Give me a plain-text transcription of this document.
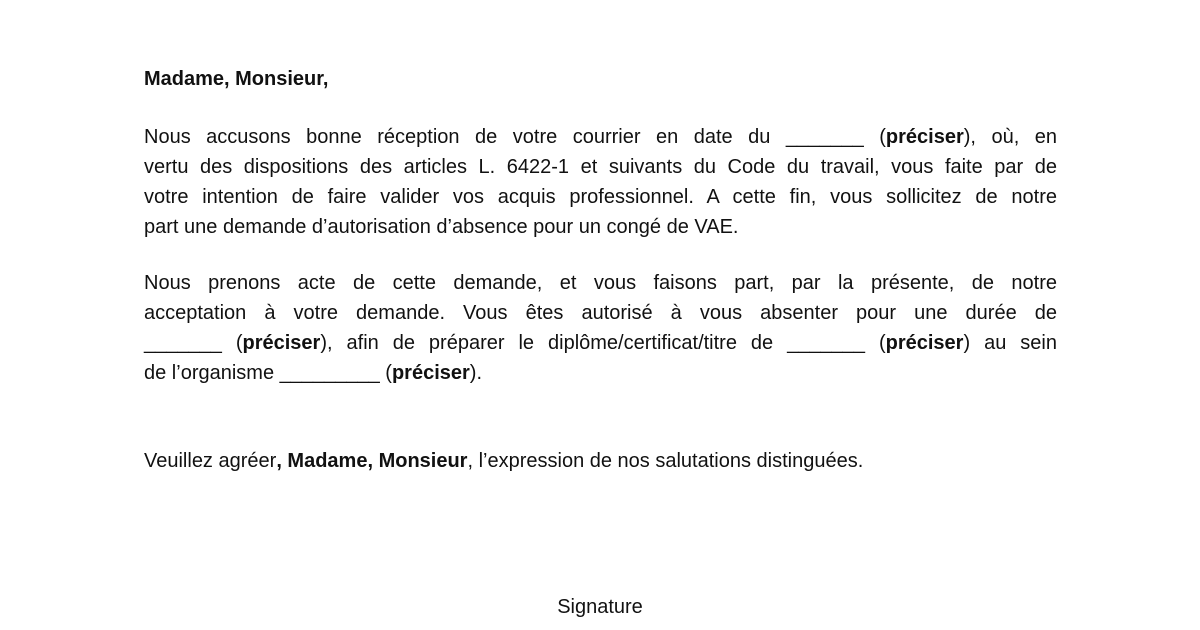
Madame, Monsieur,
Nous accusons bonne réception de votre courrier en date du _______ (préciser), où, en
vertu des dispositions des articles L. 6422-1 et suivants du Code du travail, vous faite par de
votre intention de faire valider vos acquis professionnel. A cette fin, vous sollicitez de notre
part une demande d’autorisation d’absence pour un congé de VAE.
Nous prenons acte de cette demande, et vous faisons part, par la présente, de notre
acceptation à votre demande. Vous êtes autorisé à vous absenter pour une durée de
_______ (préciser), afin de préparer le diplôme/certificat/titre de _______ (préciser) au sein
de l’organisme _________ (préciser).
Veuillez agréer, Madame, Monsieur, l’expression de nos salutations distinguées.
Signature
